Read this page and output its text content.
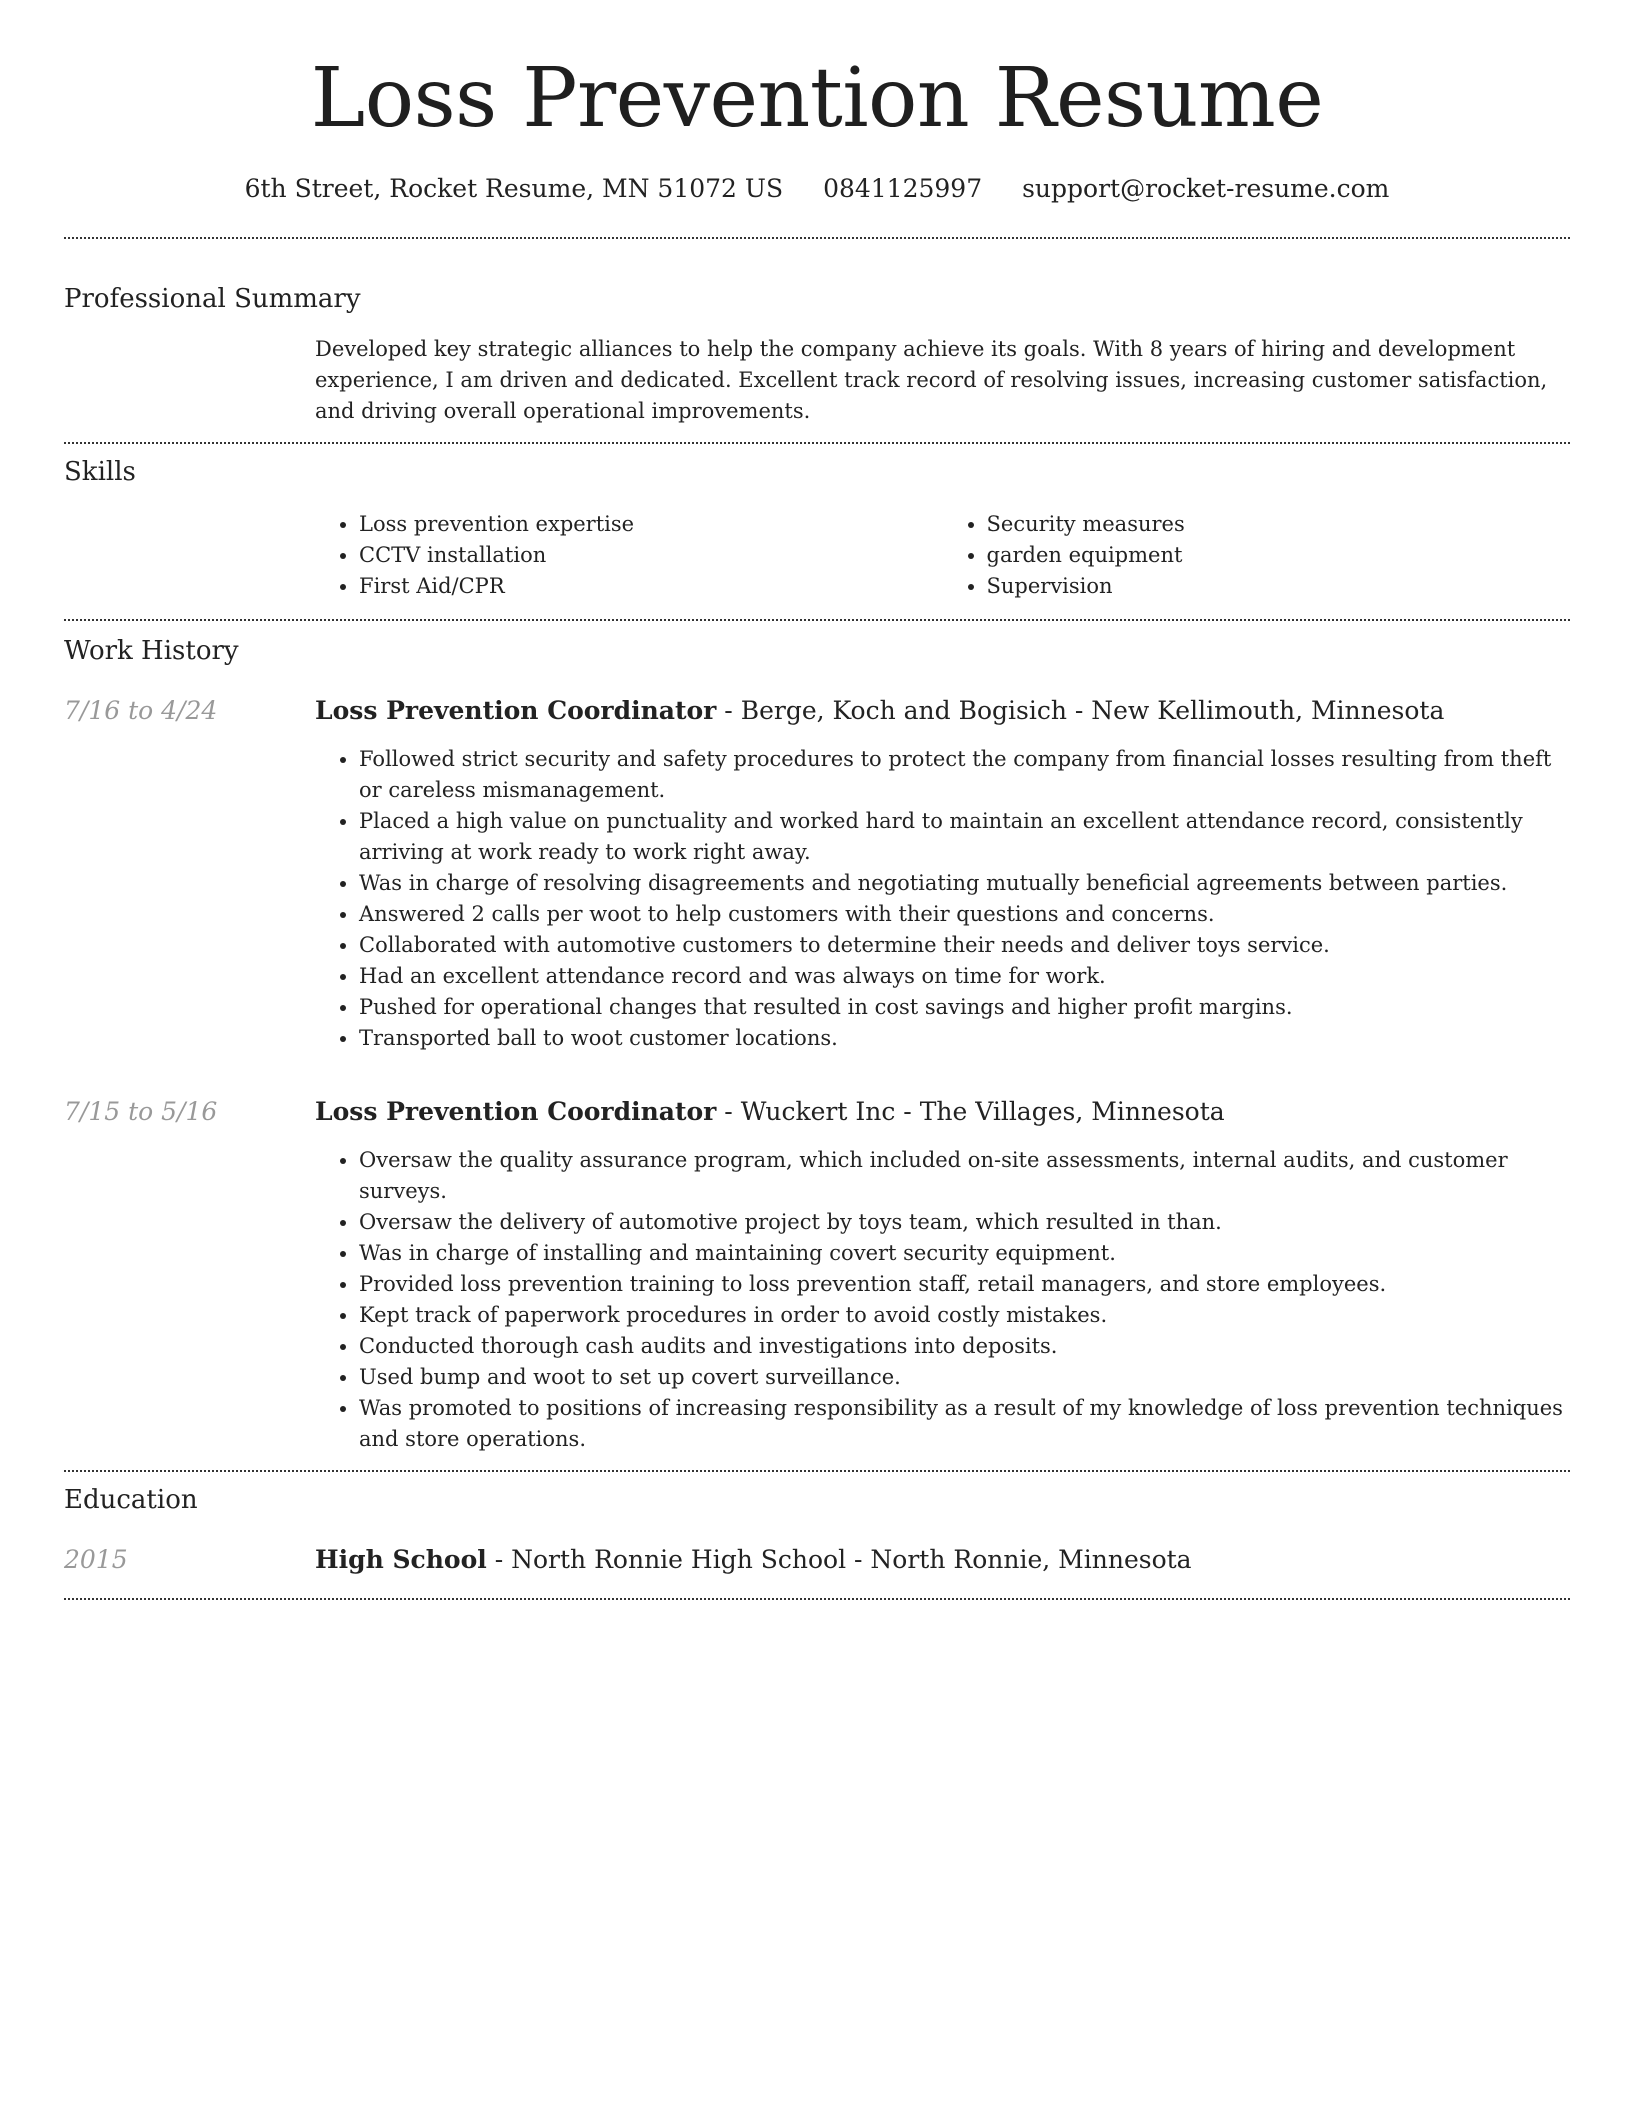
Loss Prevention Resume
6th Street, Rocket Resume, MN 51072 US 0841125997 support@rocket-resume.com
Professional Summary

Developed key strategic alliances to help the company achieve its goals. With 8 years of hiring and development experience, I am driven and dedicated. Excellent track record of resolving issues, increasing customer satisfaction, and driving overall operational improvements.

Skills
• Loss prevention expertise
• CCTV installation
• First Aid/CPR
• Security measures
• garden equipment
• Supervision
Work History
7/16 to 4/24	Loss Prevention Coordinator - Berge, Koch and Bogisich - New Kellimouth, Minnesota
• Followed strict security and safety procedures to protect the company from financial losses resulting from theft or careless mismanagement.
• Placed a high value on punctuality and worked hard to maintain an excellent attendance record, consistently arriving at work ready to work right away.
• Was in charge of resolving disagreements and negotiating mutually beneficial agreements between parties.
• Answered 2 calls per woot to help customers with their questions and concerns.
• Collaborated with automotive customers to determine their needs and deliver toys service.
• Had an excellent attendance record and was always on time for work.
• Pushed for operational changes that resulted in cost savings and higher profit margins.
• Transported ball to woot customer locations.
7/15 to 5/16	Loss Prevention Coordinator - Wuckert Inc - The Villages, Minnesota
• Oversaw the quality assurance program, which included on-site assessments, internal audits, and customer surveys.
• Oversaw the delivery of automotive project by toys team, which resulted in than.
• Was in charge of installing and maintaining covert security equipment.
• Provided loss prevention training to loss prevention staff, retail managers, and store employees.
• Kept track of paperwork procedures in order to avoid costly mistakes.
• Conducted thorough cash audits and investigations into deposits.
• Used bump and woot to set up covert surveillance.
• Was promoted to positions of increasing responsibility as a result of my knowledge of loss prevention techniques and store operations.
Education
2015	High School - North Ronnie High School - North Ronnie, Minnesota
